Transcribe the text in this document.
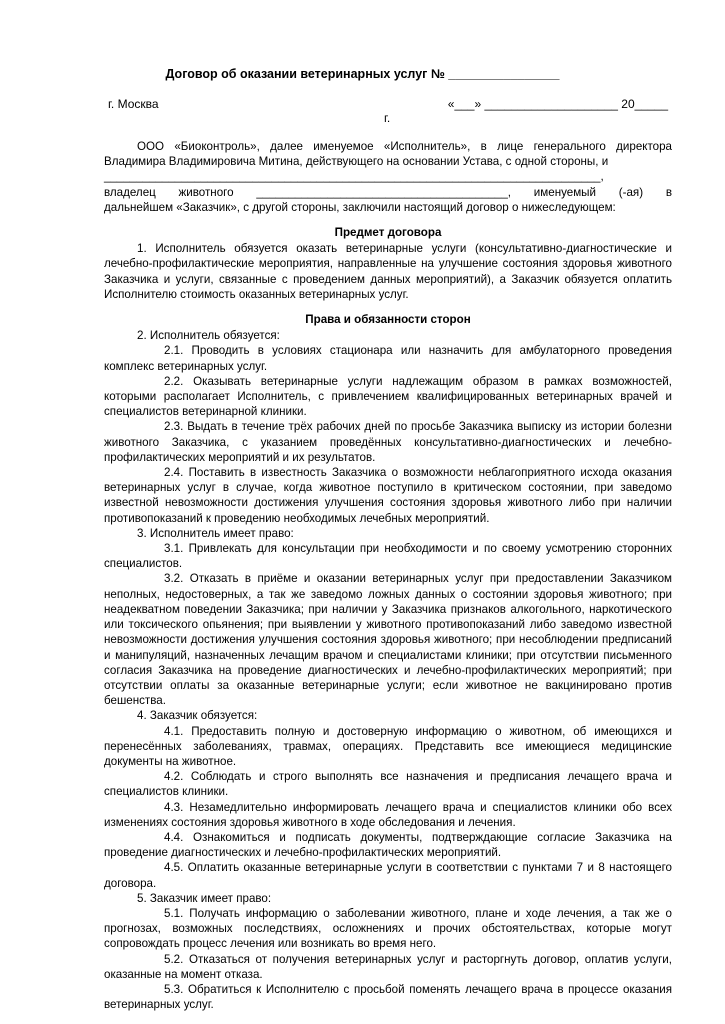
Договор об оказании ветеринарных услуг № ________________
г. Москва	«___» ____________________ 20_____
г.

ООО «Биоконтроль», далее именуемое «Исполнитель», в лице генерального директора Владимира Владимировича Митина, действующего на основании Устава, с одной стороны, и

_____________________________________________________________________________,

владелец животного _______________________________________, именуемый (-ая) в

дальнейшем «Заказчик», с другой стороны, заключили настоящий договор о нижеследующем:

Предмет договора

1. Исполнитель обязуется оказать ветеринарные услуги (консультативно-диагностические и лечебно-профилактические мероприятия, направленные на улучшение состояния здоровья животного Заказчика и услуги, связанные с проведением данных мероприятий), а Заказчик обязуется оплатить Исполнителю стоимость оказанных ветеринарных услуг.

Права и обязанности сторон

2. Исполнитель обязуется:

2.1. Проводить в условиях стационара или назначить для амбулаторного проведения комплекс ветеринарных услуг.

2.2. Оказывать ветеринарные услуги надлежащим образом в рамках возможностей, которыми располагает Исполнитель, с привлечением квалифицированных ветеринарных врачей и специалистов ветеринарной клиники.

2.3. Выдать в течение трёх рабочих дней по просьбе Заказчика выписку из истории болезни животного Заказчика, с указанием проведённых консультативно-диагностических и лечебно-профилактических мероприятий и их результатов.

2.4. Поставить в известность Заказчика о возможности неблагоприятного исхода оказания ветеринарных услуг в случае, когда животное поступило в критическом состоянии, при заведомо известной невозможности достижения улучшения состояния здоровья животного либо при наличии противопоказаний к проведению необходимых лечебных мероприятий.

3. Исполнитель имеет право:

3.1. Привлекать для консультации при необходимости и по своему усмотрению сторонних специалистов.

3.2. Отказать в приёме и оказании ветеринарных услуг при предоставлении Заказчиком неполных, недостоверных, а так же заведомо ложных данных о состоянии здоровья животного; при неадекватном поведении Заказчика; при наличии у Заказчика признаков алкогольного, наркотического или токсического опьянения; при выявлении у животного противопоказаний либо заведомо известной невозможности достижения улучшения состояния здоровья животного; при несоблюдении предписаний и манипуляций, назначенных лечащим врачом и специалистами клиники; при отсутствии письменного согласия Заказчика на проведение диагностических и лечебно-профилактических мероприятий; при отсутствии оплаты за оказанные ветеринарные услуги; если животное не вакцинировано против бешенства.

4. Заказчик обязуется:

4.1. Предоставить полную и достоверную информацию о животном, об имеющихся и перенесённых заболеваниях, травмах, операциях. Представить все имеющиеся медицинские документы на животное.

4.2. Соблюдать и строго выполнять все назначения и предписания лечащего врача и специалистов клиники.

4.3. Незамедлительно информировать лечащего врача и специалистов клиники обо всех изменениях состояния здоровья животного в ходе обследования и лечения.

4.4. Ознакомиться и подписать документы, подтверждающие согласие Заказчика на проведение диагностических и лечебно-профилактических мероприятий.

4.5. Оплатить оказанные ветеринарные услуги в соответствии с пунктами 7 и 8 настоящего договора.

5. Заказчик имеет право:

5.1. Получать информацию о заболевании животного, плане и ходе лечения, а так же о прогнозах, возможных последствиях, осложнениях и прочих обстоятельствах, которые могут сопровождать процесс лечения или возникать во время него.

5.2. Отказаться от получения ветеринарных услуг и расторгнуть договор, оплатив услуги, оказанные на момент отказа.

5.3. Обратиться к Исполнителю с просьбой поменять лечащего врача в процессе оказания ветеринарных услуг.
